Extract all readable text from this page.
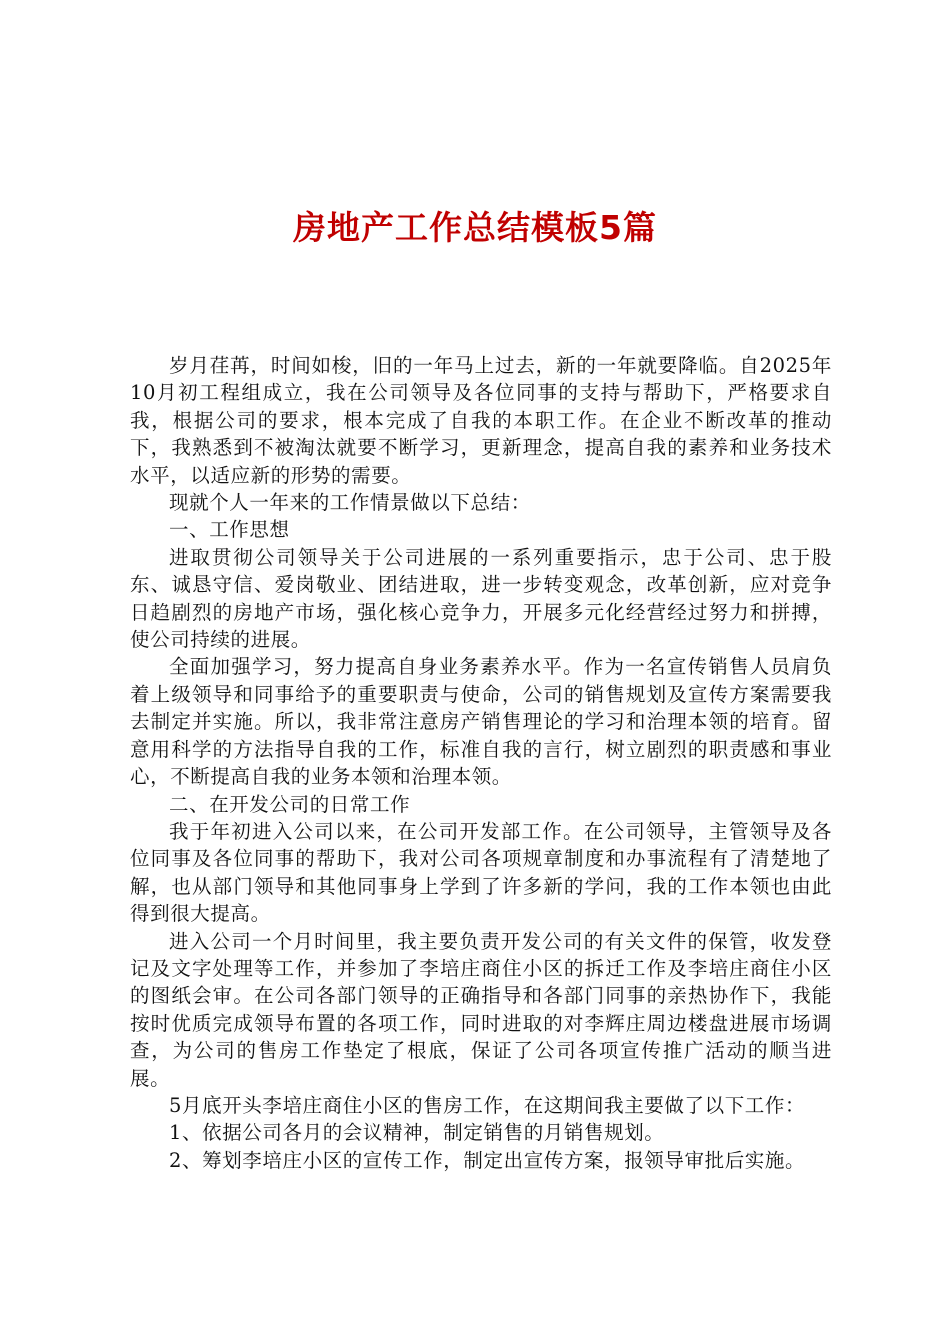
房地产工作总结模板5篇

岁月荏苒，时间如梭，旧的一年马上过去，新的一年就要降临。自2025年10月初工程组成立，我在公司领导及各位同事的支持与帮助下，严格要求自我，根据公司的要求，根本完成了自我的本职工作。在企业不断改革的推动下，我熟悉到不被淘汰就要不断学习，更新理念，提高自我的素养和业务技术水平，以适应新的形势的需要。

现就个人一年来的工作情景做以下总结：

一、工作思想

进取贯彻公司领导关于公司进展的一系列重要指示，忠于公司、忠于股东、诚恳守信、爱岗敬业、团结进取，进一步转变观念，改革创新，应对竞争日趋剧烈的房地产市场，强化核心竞争力，开展多元化经营经过努力和拼搏，使公司持续的进展。

全面加强学习，努力提高自身业务素养水平。作为一名宣传销售人员肩负着上级领导和同事给予的重要职责与使命，公司的销售规划及宣传方案需要我去制定并实施。所以，我非常注意房产销售理论的学习和治理本领的培育。留意用科学的方法指导自我的工作，标准自我的言行，树立剧烈的职责感和事业心，不断提高自我的业务本领和治理本领。

二、在开发公司的日常工作

我于年初进入公司以来，在公司开发部工作。在公司领导，主管领导及各位同事及各位同事的帮助下，我对公司各项规章制度和办事流程有了清楚地了解，也从部门领导和其他同事身上学到了许多新的学问，我的工作本领也由此得到很大提高。

进入公司一个月时间里，我主要负责开发公司的有关文件的保管，收发登记及文字处理等工作，并参加了李培庄商住小区的拆迁工作及李培庄商住小区的图纸会审。在公司各部门领导的正确指导和各部门同事的亲热协作下，我能按时优质完成领导布置的各项工作，同时进取的对李辉庄周边楼盘进展市场调查，为公司的售房工作垫定了根底，保证了公司各项宣传推广活动的顺当进展。

5月底开头李培庄商住小区的售房工作，在这期间我主要做了以下工作：

1、依据公司各月的会议精神，制定销售的月销售规划。

2、筹划李培庄小区的宣传工作，制定出宣传方案，报领导审批后实施。
